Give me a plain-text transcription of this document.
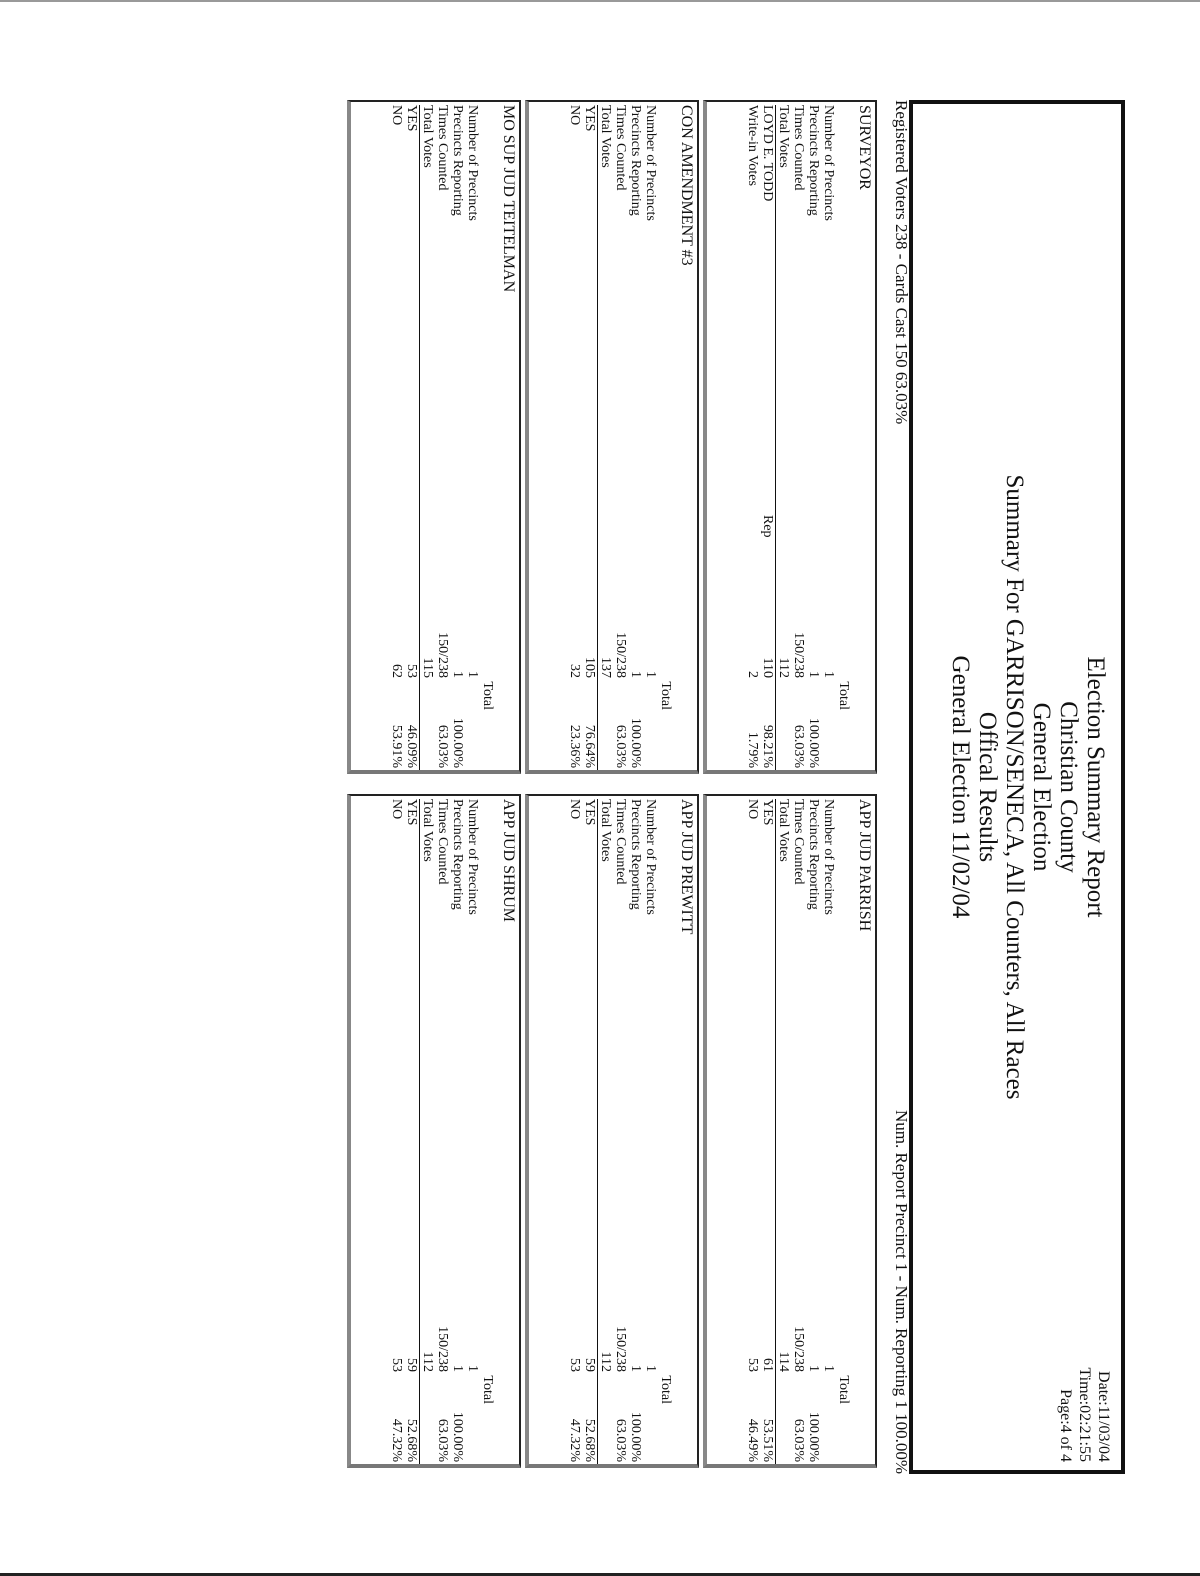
Election Summary Report
Christian County
General Election
Summary For GARRISON/SENECA, All Counters, All Races
Offical Results
General Election 11/02/04
Date:11/03/04
Time:02:21:55
Page:4 of 4
Registered Voters 238 - Cards Cast 150 63.03%
Num. Report Precinct 1 - Num. Reporting 1 100.00%
SURVEYOR
Total
Number of Precincts
1
Precincts Reporting
1
100.00%
Times Counted
150/238
63.03%
Total Votes
112
LOYD E. TODD
Rep
110
98.21%
Write-in Votes
2
1.79%
APP JUD PARRISH
Total
Number of Precincts
1
Precincts Reporting
1
100.00%
Times Counted
150/238
63.03%
Total Votes
114
YES
61
53.51%
NO
53
46.49%
CON AMENDMENT #3
Total
Number of Precincts
1
Precincts Reporting
1
100.00%
Times Counted
150/238
63.03%
Total Votes
137
YES
105
76.64%
NO
32
23.36%
APP JUD PREWITT
Total
Number of Precincts
1
Precincts Reporting
1
100.00%
Times Counted
150/238
63.03%
Total Votes
112
YES
59
52.68%
NO
53
47.32%
MO SUP JUD TEITELMAN
Total
Number of Precincts
1
Precincts Reporting
1
100.00%
Times Counted
150/238
63.03%
Total Votes
115
YES
53
46.09%
NO
62
53.91%
APP JUD SHRUM
Total
Number of Precincts
1
Precincts Reporting
1
100.00%
Times Counted
150/238
63.03%
Total Votes
112
YES
59
52.68%
NO
53
47.32%
